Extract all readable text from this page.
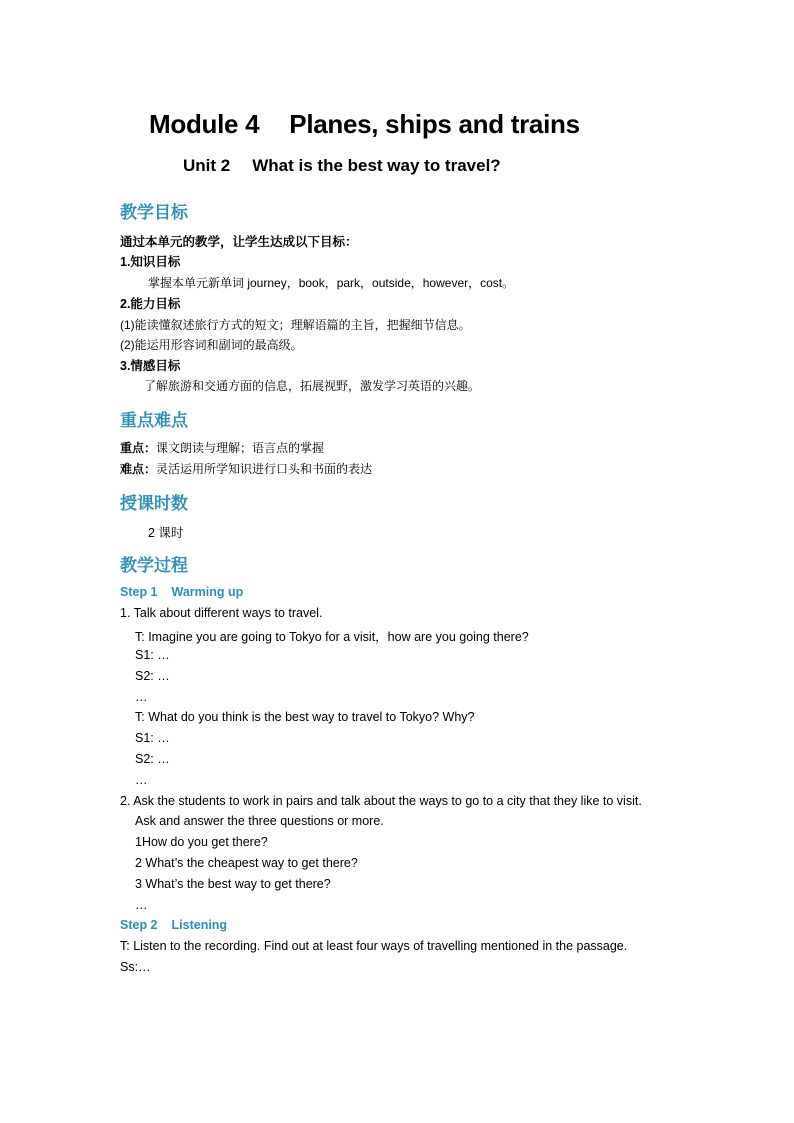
Module 4 Planes, ships and trains
Unit 2 What is the best way to travel?
教学目标
通过本单元的教学，让学生达成以下目标：
1.知识目标
掌握本单元新单词 journey，book，park，outside，however，cost。
2.能力目标
(1)能读懂叙述旅行方式的短文；理解语篇的主旨，把握细节信息。
(2)能运用形容词和副词的最高级。
3.情感目标
了解旅游和交通方面的信息，拓展视野，激发学习英语的兴趣。
重点难点
重点：课文朗读与理解；语言点的掌握
难点：灵活运用所学知识进行口头和书面的表达
授课时数
2 课时
教学过程
Step 1 Warming up
1. Talk about different ways to travel.
T: Imagine you are going to Tokyo for a visit，how are you going there?
S1: …
S2: …
…
T: What do you think is the best way to travel to Tokyo? Why?
S1: …
S2: …
…
2. Ask the students to work in pairs and talk about the ways to go to a city that they like to visit.
Ask and answer the three questions or more.
1How do you get there?
2 What’s the cheapest way to get there?
3 What’s the best way to get there?
…
Step 2 Listening
T: Listen to the recording. Find out at least four ways of travelling mentioned in the passage.
Ss:…
